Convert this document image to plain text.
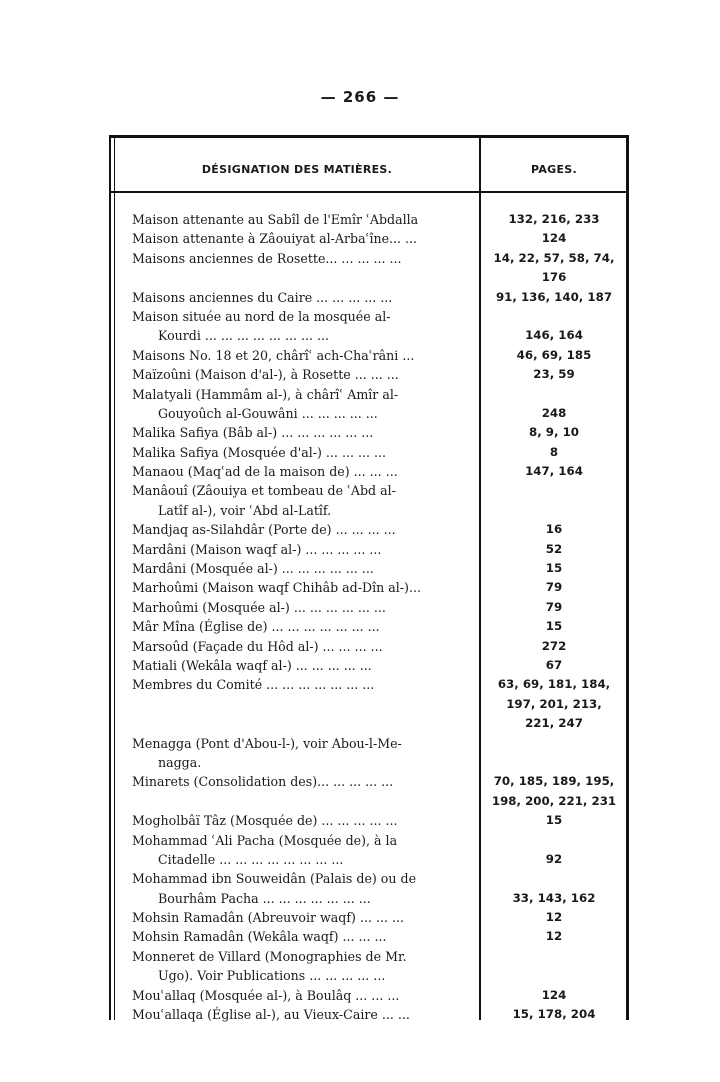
— 266 —
DÉSIGNATION DES MATIÈRES.	PAGES.
Maison attenante au Sabîl de l'Emîr ʿAbdalla	132, 216, 233
Maison attenante à Zâouiyat al-Arbaʿîne... ...	124
Maisons anciennes de Rosette... ... ... ... ...	14, 22, 57, 58, 74,
176
Maisons anciennes du Caire ... ... ... ... ...	91, 136, 140, 187
Maison située au nord de la mosquée al-
Kourdi ... ... ... ... ... ... ... ...	146, 164
Maisons No. 18 et 20, chârîʿ ach-Chaʿrâni ...	46, 69, 185
Maïzoûni (Maison d'al-), à Rosette ... ... ...	23, 59
Malatyali (Hammâm al-), à chârîʿ Amîr al-
Gouyoûch al-Gouwâni ... ... ... ... ...	248
Malika Safiya (Bâb al-) ... ... ... ... ... ...	8, 9, 10
Malika Safiya (Mosquée d'al-) ... ... ... ...	8
Manaou (Maqʿad de la maison de) ... ... ...	147, 164
Manâouî (Zâouiya et tombeau de ʿAbd al-
Latîf al-), voir ʿAbd al-Latîf.
Mandjaq as-Silahdâr (Porte de) ... ... ... ...	16
Mardâni (Maison waqf al-) ... ... ... ... ...	52
Mardâni (Mosquée al-) ... ... ... ... ... ...	15
Marhoûmi (Maison waqf Chihâb ad-Dîn al-)...	79
Marhoûmi (Mosquée al-) ... ... ... ... ... ...	79
Mâr Mîna (Église de) ... ... ... ... ... ... ...	15
Marsoûd (Façade du Hôd al-) ... ... ... ...	272
Matiali (Wekâla waqf al-) ... ... ... ... ...	67
Membres du Comité ... ... ... ... ... ... ...	63, 69, 181, 184,
197, 201, 213,
221, 247
Menagga (Pont d'Abou-l-), voir Abou-l-Me-
nagga.
Minarets (Consolidation des)... ... ... ... ...	70, 185, 189, 195,
198, 200, 221, 231
Mogholbâï Tâz (Mosquée de) ... ... ... ... ...	15
Mohammad ʿAli Pacha (Mosquée de), à la
Citadelle ... ... ... ... ... ... ... ...	92
Mohammad ibn Souweidân (Palais de) ou de
Bourhâm Pacha ... ... ... ... ... ... ...	33, 143, 162
Mohsin Ramadân (Abreuvoir waqf) ... ... ...	12
Mohsin Ramadân (Wekâla waqf) ... ... ...	12
Monneret de Villard (Monographies de Mr.
Ugo). Voir Publications ... ... ... ... ...
Mouʿallaq (Mosquée al-), à Boulâq ... ... ...	124
Mouʿallaqa (Église al-), au Vieux-Caire ... ...	15, 178, 204
